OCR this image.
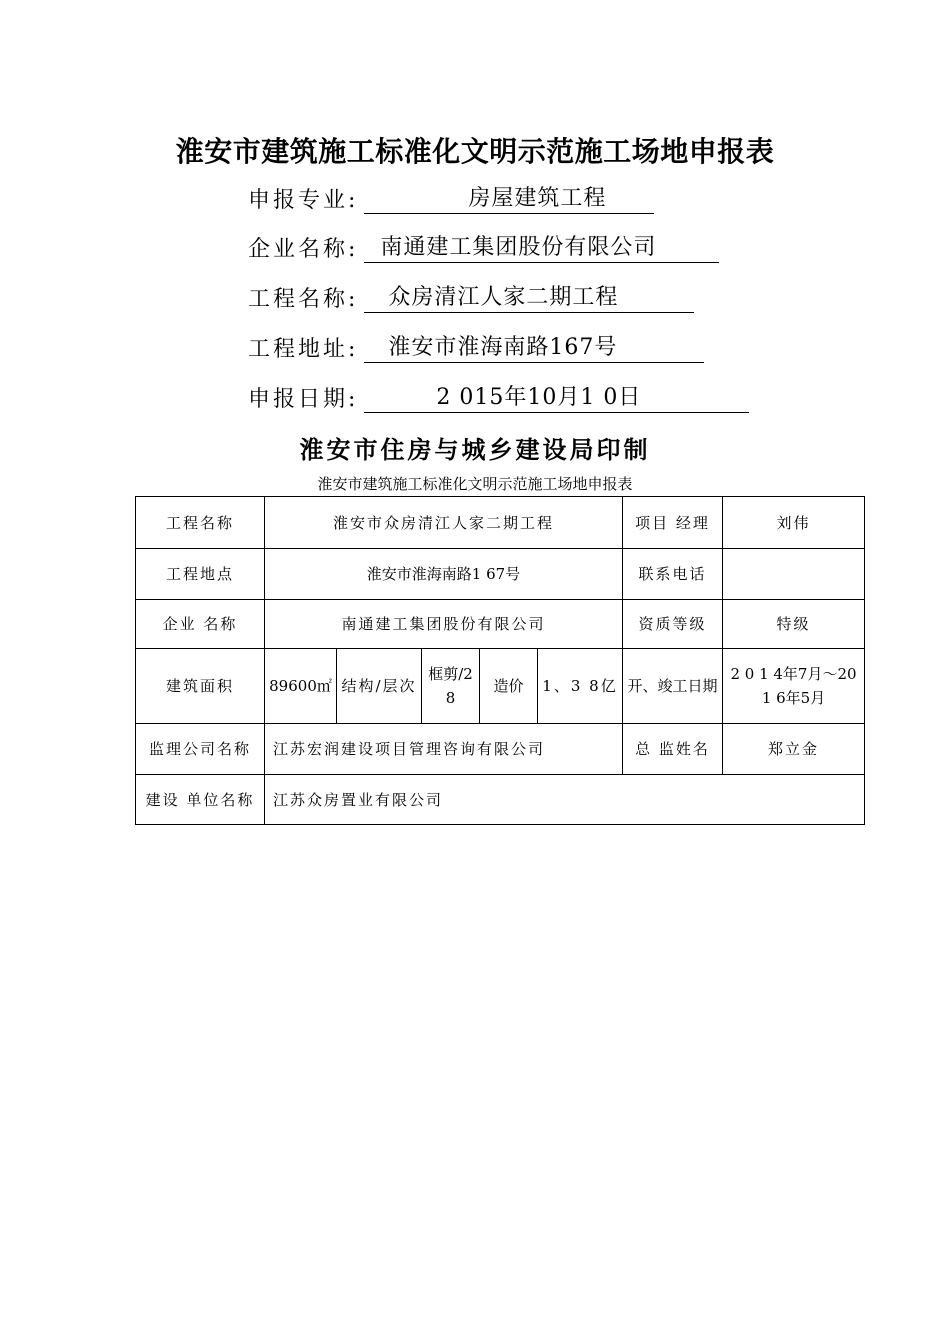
淮安市建筑施工标准化文明示范施工场地申报表
申报专业: 房屋建筑工程
企业名称: 南通建工集团股份有限公司
工程名称: 众房清江人家二期工程
工程地址: 淮安市淮海南路167号
申报日期: 2 015年10月1 0日
淮安市住房与城乡建设局印制
淮安市建筑施工标准化文明示范施工场地申报表
工程名称	淮安市众房清江人家二期工程					项目 经理	刘伟
工程地点	淮安市淮海南路1 67号					联系电话	
企业 名称	南通建工集团股份有限公司					资质等级	特级
建筑面积	89600㎡	结构/层次	框剪/28	造价	1、3 8亿	开、竣工日期	2 0 1 4年7月～20 1 6年5月
监理公司名称	江苏宏润建设项目管理咨询有限公司					总 监姓名	郑立金
建设 单位名称	江苏众房置业有限公司						
